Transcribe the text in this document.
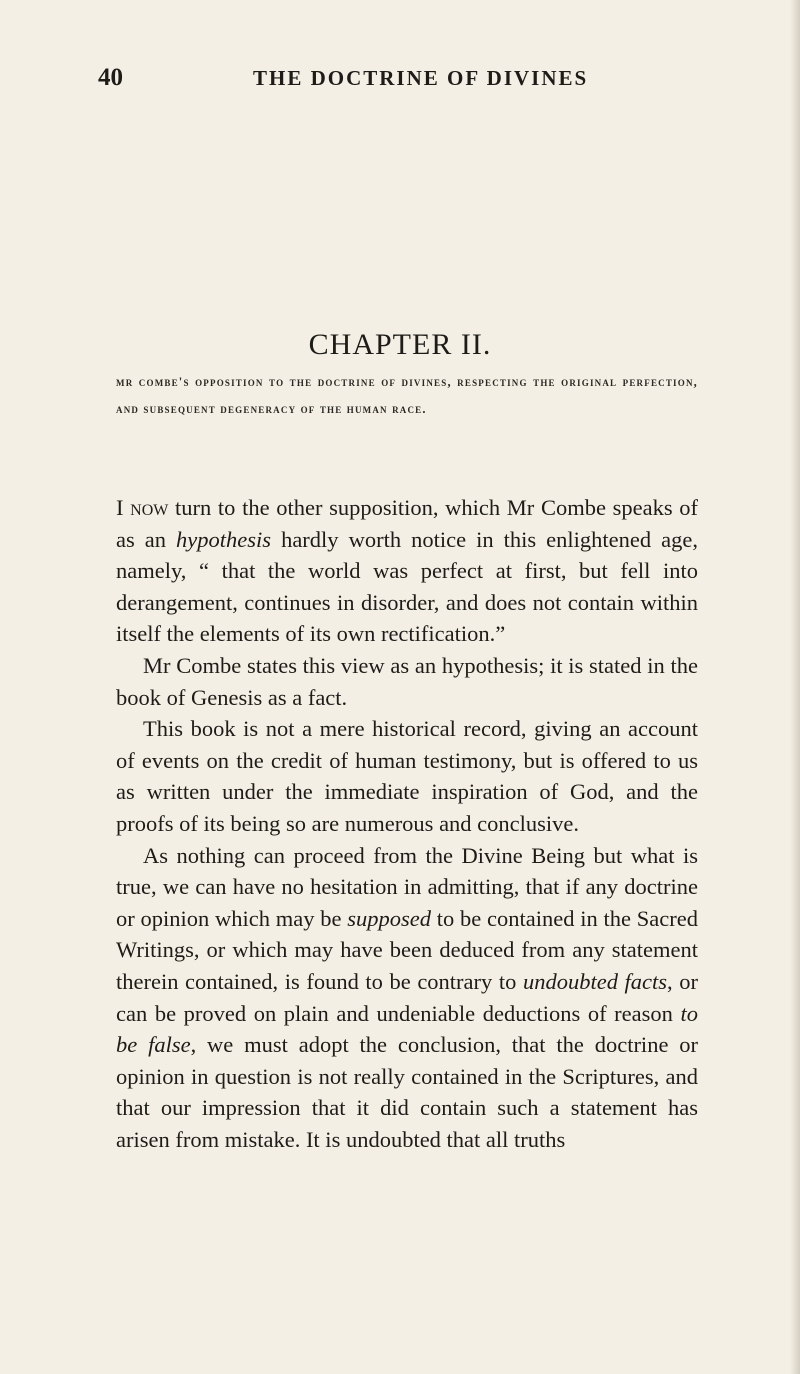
40	THE DOCTRINE OF DIVINES
CHAPTER II.
mr combe's opposition to the doctrine of divines, respecting the original perfection, and subsequent degeneracy of the human race.

I now turn to the other supposition, which Mr Combe speaks of as an hypothesis hardly worth notice in this enlightened age, namely, “ that the world was perfect at first, but fell into derangement, continues in disorder, and does not contain within itself the elements of its own rectification.”

Mr Combe states this view as an hypothesis; it is stated in the book of Genesis as a fact.

This book is not a mere historical record, giving an account of events on the credit of human testimony, but is offered to us as written under the immediate inspiration of God, and the proofs of its being so are numerous and conclusive.

As nothing can proceed from the Divine Being but what is true, we can have no hesitation in admitting, that if any doctrine or opinion which may be supposed to be contained in the Sacred Writings, or which may have been deduced from any statement therein contained, is found to be contrary to undoubted facts, or can be proved on plain and undeniable deductions of reason to be false, we must adopt the conclusion, that the doctrine or opinion in question is not really contained in the Scriptures, and that our impression that it did contain such a statement has arisen from mistake. It is undoubted that all truths
